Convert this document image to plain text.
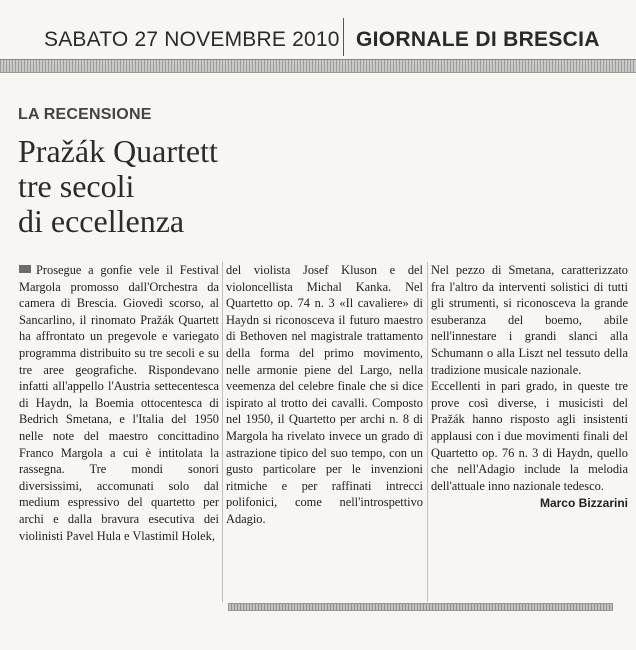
SABATO 27 NOVEMBRE 2010 GIORNALE DI BRESCIA
LA RECENSIONE
Pražák Quartett
tre secoli
di eccellenza

Prosegue a gonfie vele il Festival Margola promosso dall'Orchestra da camera di Brescia. Giovedì scorso, al Sancarlino, il rinomato Pražák Quartett ha affrontato un pregevole e variegato programma distribuito su tre secoli e su tre aree geografiche. Rispondevano infatti all'appello l'Austria settecentesca di Haydn, la Boemia ottocentesca di Bedrich Smetana, e l'Italia del 1950 nelle note del maestro concittadino Franco Margola a cui è intitolata la rassegna. Tre mondi sonori diversissimi, accomunati solo dal medium espressivo del quartetto per archi e dalla bravura esecutiva dei violinisti Pavel Hula e Vlastimil Holek,

del violista Josef Kluson e del violoncellista Michal Kanka. Nel Quartetto op. 74 n. 3 «Il cavaliere» di Haydn si riconosceva il futuro maestro di Bethoven nel magistrale trattamento della forma del primo movimento, nelle armonie piene del Largo, nella veemenza del celebre finale che si dice ispirato al trotto dei cavalli. Composto nel 1950, il Quartetto per archi n. 8 di Margola ha rivelato invece un grado di astrazione tipico del suo tempo, con un gusto particolare per le invenzioni ritmiche e per raffinati intrecci polifonici, come nell'introspettivo Adagio.

Nel pezzo di Smetana, caratterizzato fra l'altro da interventi solistici di tutti gli strumenti, si riconosceva la grande esuberanza del boemo, abile nell'innestare i grandi slanci alla Schumann o alla Liszt nel tessuto della tradizione musicale nazionale.

Eccellenti in pari grado, in queste tre prove così diverse, i musicisti del Pražák hanno risposto agli insistenti applausi con i due movimenti finali del Quartetto op. 76 n. 3 di Haydn, quello che nell'Adagio include la melodia dell'attuale inno nazionale tedesco.

Marco Bizzarini
